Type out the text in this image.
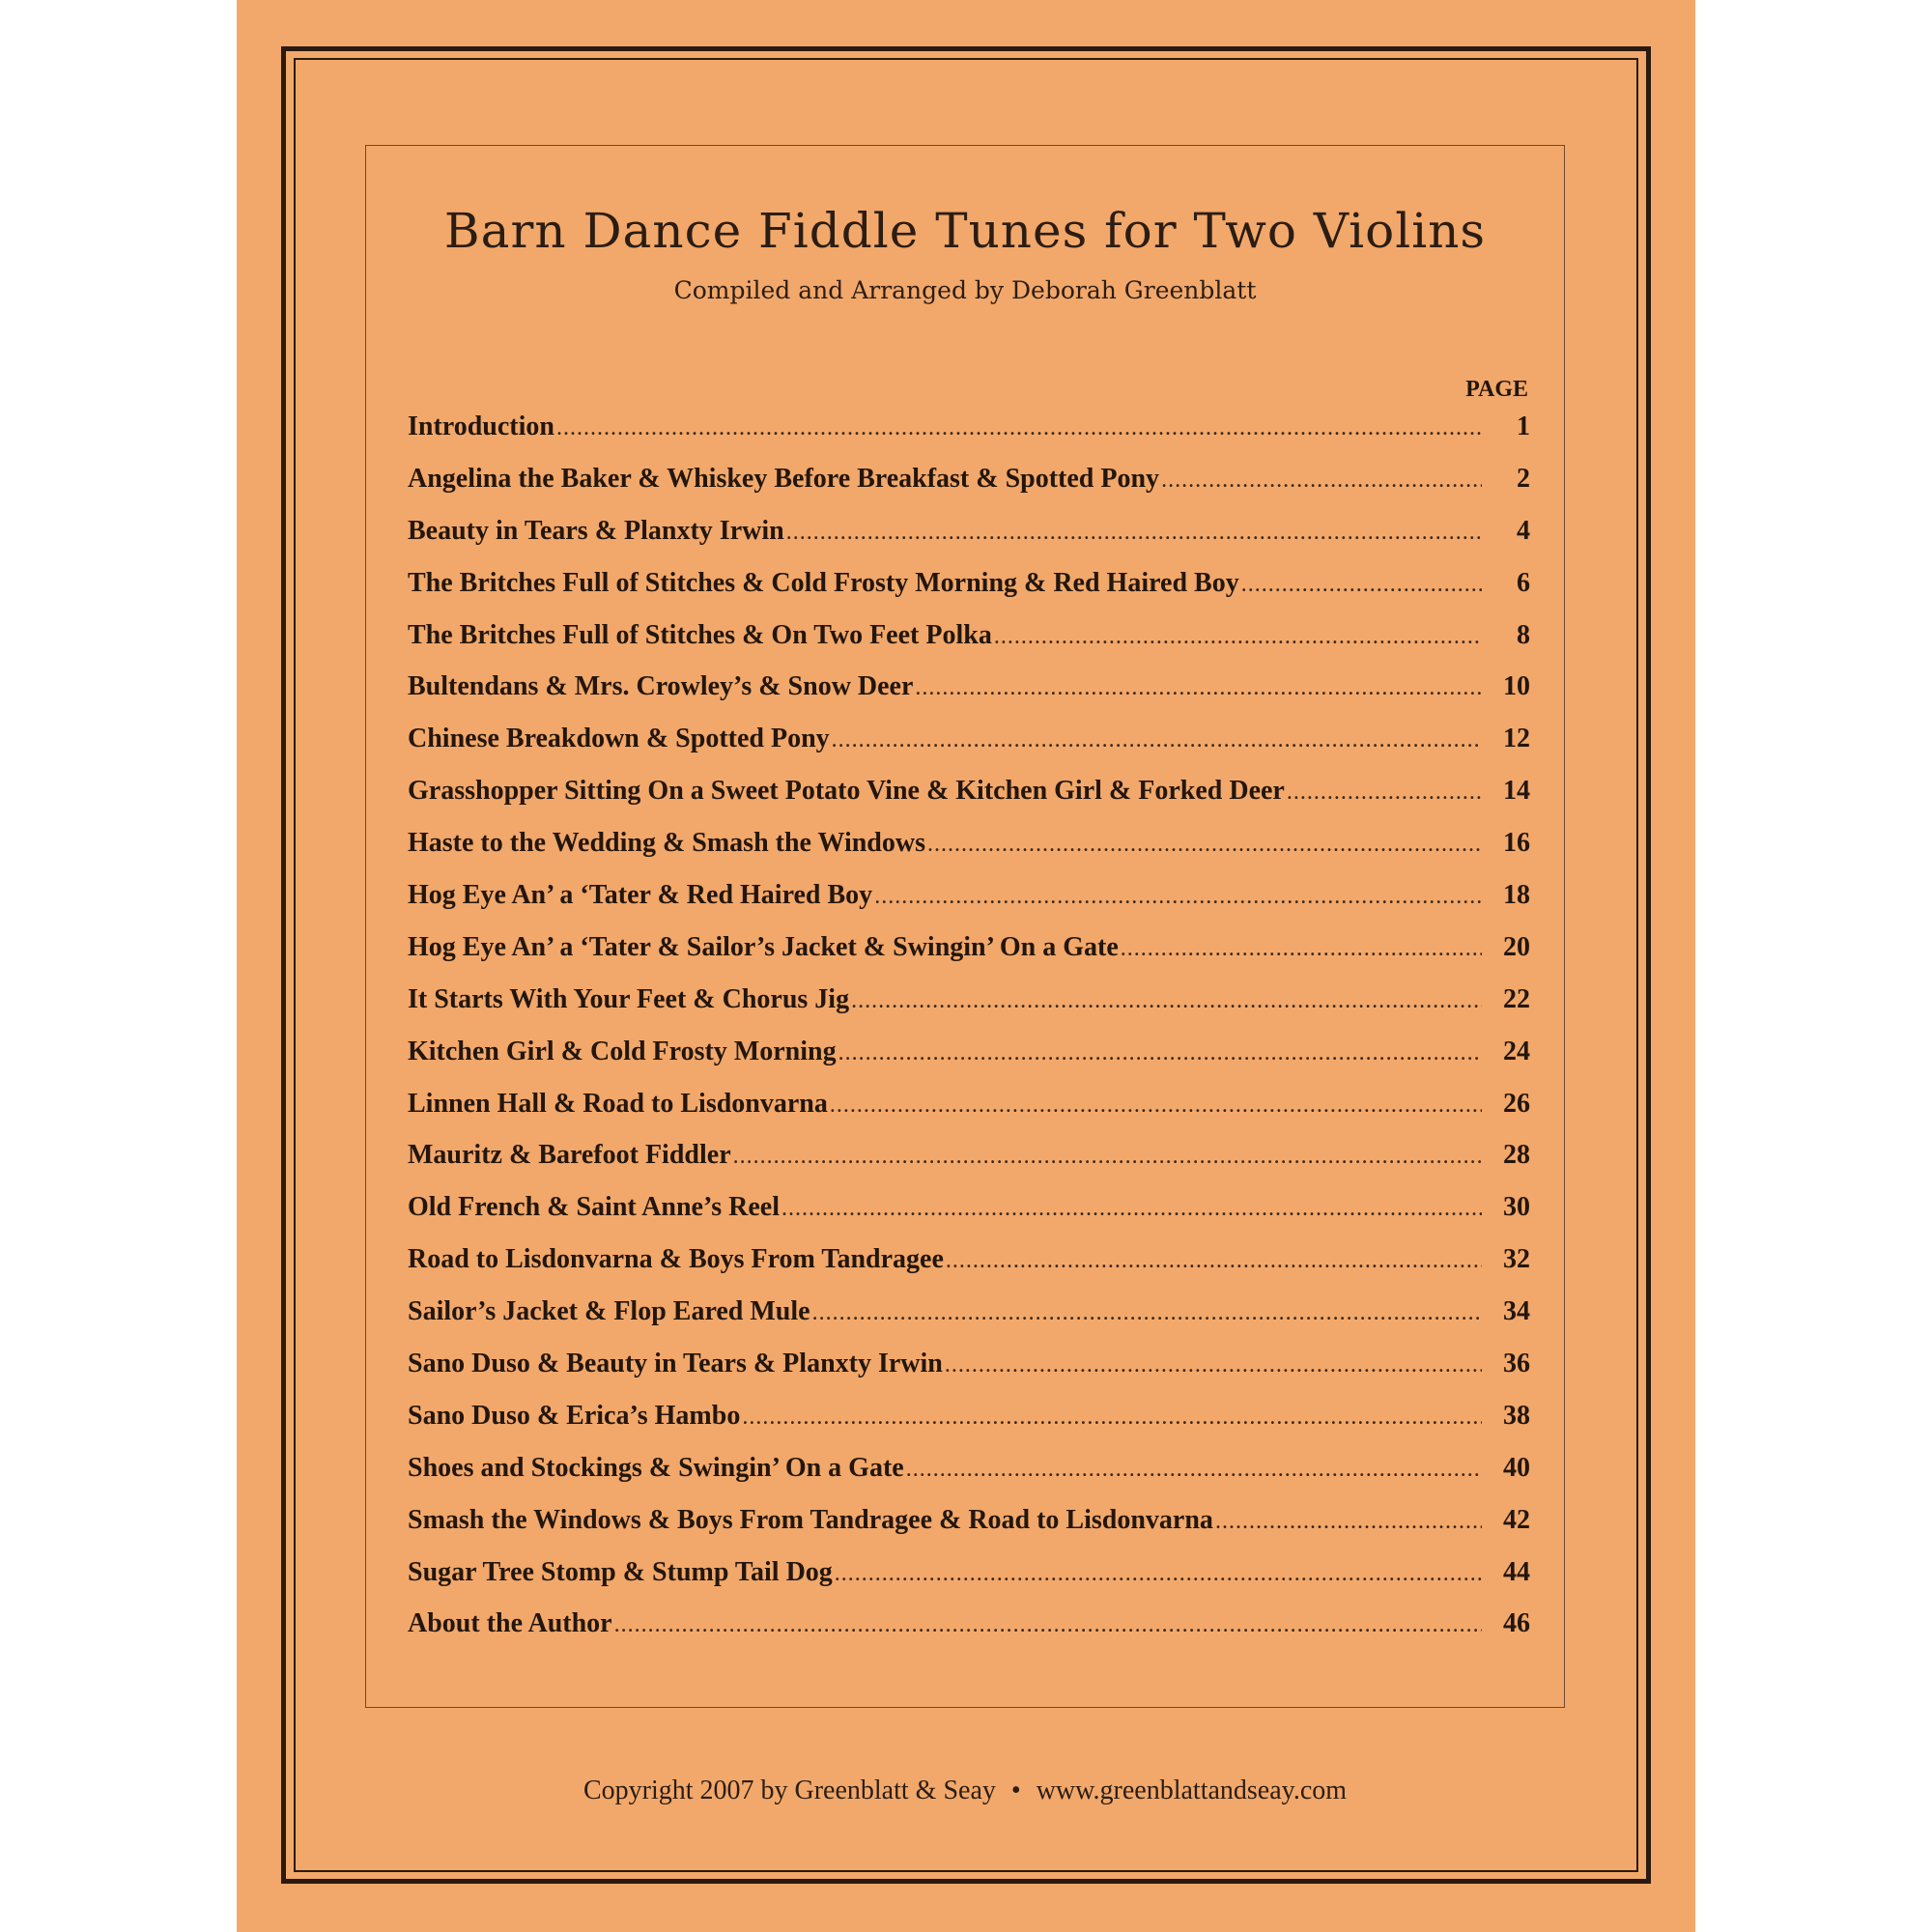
Barn Dance Fiddle Tunes for Two Violins
Compiled and Arranged by Deborah Greenblatt
PAGE
Introduction .....	1
Angelina the Baker & Whiskey Before Breakfast & Spotted Pony .....	2
Beauty in Tears & Planxty Irwin .....	4
The Britches Full of Stitches & Cold Frosty Morning & Red Haired Boy .....	6
The Britches Full of Stitches & On Two Feet Polka .....	8
Bultendans & Mrs. Crowley’s & Snow Deer .....	10
Chinese Breakdown & Spotted Pony .....	12
Grasshopper Sitting On a Sweet Potato Vine & Kitchen Girl & Forked Deer .....	14
Haste to the Wedding & Smash the Windows .....	16
Hog Eye An’ a ‘Tater & Red Haired Boy .....	18
Hog Eye An’ a ‘Tater & Sailor’s Jacket & Swingin’ On a Gate .....	20
It Starts With Your Feet & Chorus Jig .....	22
Kitchen Girl & Cold Frosty Morning .....	24
Linnen Hall & Road to Lisdonvarna .....	26
Mauritz & Barefoot Fiddler .....	28
Old French & Saint Anne’s Reel .....	30
Road to Lisdonvarna & Boys From Tandragee .....	32
Sailor’s Jacket & Flop Eared Mule .....	34
Sano Duso & Beauty in Tears & Planxty Irwin .....	36
Sano Duso & Erica’s Hambo .....	38
Shoes and Stockings & Swingin’ On a Gate .....	40
Smash the Windows & Boys From Tandragee & Road to Lisdonvarna .....	42
Sugar Tree Stomp & Stump Tail Dog .....	44
About the Author .....	46
Copyright 2007 by Greenblatt & Seay • www.greenblattandseay.com
